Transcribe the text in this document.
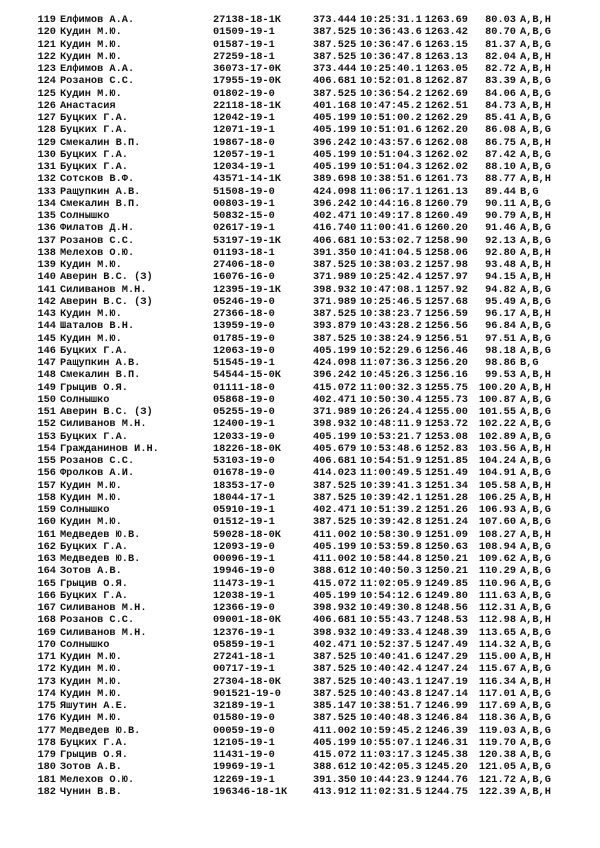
119 Елфимов А.А.	27138-18-1К	373.444 10:25:31.1 1263.69	80.03 A,B,H
120 Кудин М.Ю.	01509-19-1	387.525 10:36:43.6 1263.42	80.70 A,B,G
121 Кудин М.Ю.	01587-19-1	387.525 10:36:47.6 1263.15	81.37 A,B,G
122 Кудин М.Ю.	27259-18-1	387.525 10:36:47.8 1263.13	82.04 A,B,H
123 Елфимов А.А.	36073-17-0К	373.444 10:25:40.1 1263.05	82.72 A,B,H
124 Розанов С.С.	17955-19-0К	406.681 10:52:01.8 1262.87	83.39 A,B,G
125 Кудин М.Ю.	01802-19-0	387.525 10:36:54.2 1262.69	84.06 A,B,G
126 Анастасия	22118-18-1К	401.168 10:47:45.2 1262.51	84.73 A,B,H
127 Буцких Г.А.	12042-19-1	405.199 10:51:00.2 1262.29	85.41 A,B,G
128 Буцких Г.А.	12071-19-1	405.199 10:51:01.6 1262.20	86.08 A,B,G
129 Смекалин В.П.	19867-18-0	396.242 10:43:57.6 1262.08	86.75 A,B,H
130 Буцких Г.А.	12057-19-1	405.199 10:51:04.3 1262.02	87.42 A,B,G
131 Буцких Г.А.	12034-19-1	405.199 10:51:04.3 1262.02	88.10 A,B,G
132 Сотсков В.Ф.	43571-14-1К	389.698 10:38:51.6 1261.73	88.77 A,B,H
133 Ращупкин А.В.	51508-19-0	424.098 11:06:17.1 1261.13	89.44 B,G
134 Смекалин В.П.	00803-19-1	396.242 10:44:16.8 1260.79	90.11 A,B,G
135 Солнышко	50832-15-0	402.471 10:49:17.8 1260.49	90.79 A,B,H
136 Филатов Д.Н.	02617-19-1	416.740 11:00:41.6 1260.20	91.46 A,B,G
137 Розанов С.С.	53197-19-1К	406.681 10:53:02.7 1258.90	92.13 A,B,G
138 Мелехов О.Ю.	01193-18-1	391.350 10:41:04.5 1258.06	92.80 A,B,H
139 Кудин М.Ю.	27406-18-0	387.525 10:38:03.2 1257.98	93.48 A,B,H
140 Аверин В.С. (З)	16076-16-0	371.989 10:25:42.4 1257.97	94.15 A,B,H
141 Силиванов М.Н.	12395-19-1К	398.932 10:47:08.1 1257.92	94.82 A,B,G
142 Аверин В.С. (З)	05246-19-0	371.989 10:25:46.5 1257.68	95.49 A,B,G
143 Кудин М.Ю.	27366-18-0	387.525 10:38:23.7 1256.59	96.17 A,B,H
144 Шаталов В.Н.	13959-19-0	393.879 10:43:28.2 1256.56	96.84 A,B,G
145 Кудин М.Ю.	01785-19-0	387.525 10:38:24.9 1256.51	97.51 A,B,G
146 Буцких Г.А.	12063-19-0	405.199 10:52:29.6 1256.46	98.18 A,B,G
147 Ращупкин А.В.	51545-19-1	424.098 11:07:36.3 1256.20	98.86 B,G
148 Смекалин В.П.	54544-15-0К	396.242 10:45:26.3 1256.16	99.53 A,B,H
149 Грыцив О.Я.	01111-18-0	415.072 11:00:32.3 1255.75	100.20 A,B,H
150 Солнышко	05868-19-0	402.471 10:50:30.4 1255.73	100.87 A,B,G
151 Аверин В.С. (З)	05255-19-0	371.989 10:26:24.4 1255.00	101.55 A,B,G
152 Силиванов М.Н.	12400-19-1	398.932 10:48:11.9 1253.72	102.22 A,B,G
153 Буцких Г.А.	12033-19-0	405.199 10:53:21.7 1253.08	102.89 A,B,G
154 Гражданинов И.Н.	18226-18-0К	405.679 10:53:48.6 1252.83	103.56 A,B,H
155 Розанов С.С.	53103-19-0	406.681 10:54:51.9 1251.85	104.24 A,B,G
156 Фролков А.И.	01678-19-0	414.023 11:00:49.5 1251.49	104.91 A,B,G
157 Кудин М.Ю.	18353-17-0	387.525 10:39:41.3 1251.34	105.58 A,B,H
158 Кудин М.Ю.	18044-17-1	387.525 10:39:42.1 1251.28	106.25 A,B,H
159 Солнышко	05910-19-1	402.471 10:51:39.2 1251.26	106.93 A,B,G
160 Кудин М.Ю.	01512-19-1	387.525 10:39:42.8 1251.24	107.60 A,B,G
161 Медведев Ю.В.	59028-18-0К	411.002 10:58:30.9 1251.09	108.27 A,B,H
162 Буцких Г.А.	12093-19-0	405.199 10:53:59.8 1250.63	108.94 A,B,G
163 Медведев Ю.В.	00096-19-1	411.002 10:58:44.8 1250.21	109.62 A,B,G
164 Зотов А.В.	19946-19-0	388.612 10:40:50.3 1250.21	110.29 A,B,G
165 Грыцив О.Я.	11473-19-1	415.072 11:02:05.9 1249.85	110.96 A,B,G
166 Буцких Г.А.	12038-19-1	405.199 10:54:12.6 1249.80	111.63 A,B,G
167 Силиванов М.Н.	12366-19-0	398.932 10:49:30.8 1248.56	112.31 A,B,G
168 Розанов С.С.	09001-18-0К	406.681 10:55:43.7 1248.53	112.98 A,B,H
169 Силиванов М.Н.	12376-19-1	398.932 10:49:33.4 1248.39	113.65 A,B,G
170 Солнышко	05859-19-1	402.471 10:52:37.5 1247.49	114.32 A,B,G
171 Кудин М.Ю.	27241-18-1	387.525 10:40:41.6 1247.29	115.00 A,B,H
172 Кудин М.Ю.	00717-19-1	387.525 10:40:42.4 1247.24	115.67 A,B,G
173 Кудин М.Ю.	27304-18-0К	387.525 10:40:43.1 1247.19	116.34 A,B,H
174 Кудин М.Ю.	901521-19-0	387.525 10:40:43.8 1247.14	117.01 A,B,G
175 Яшутин А.Е.	32189-19-1	385.147 10:38:51.7 1246.99	117.69 A,B,G
176 Кудин М.Ю.	01580-19-0	387.525 10:40:48.3 1246.84	118.36 A,B,G
177 Медведев Ю.В.	00059-19-0	411.002 10:59:45.2 1246.39	119.03 A,B,G
178 Буцких Г.А.	12105-19-1	405.199 10:55:07.1 1246.31	119.70 A,B,G
179 Грыцив О.Я.	11431-19-0	415.072 11:03:17.3 1245.38	120.38 A,B,G
180 Зотов А.В.	19969-19-1	388.612 10:42:05.3 1245.20	121.05 A,B,G
181 Мелехов О.Ю.	12269-19-1	391.350 10:44:23.9 1244.76	121.72 A,B,G
182 Чунин В.В.	196346-18-1К	413.912 11:02:31.5 1244.75	122.39 A,B,H
